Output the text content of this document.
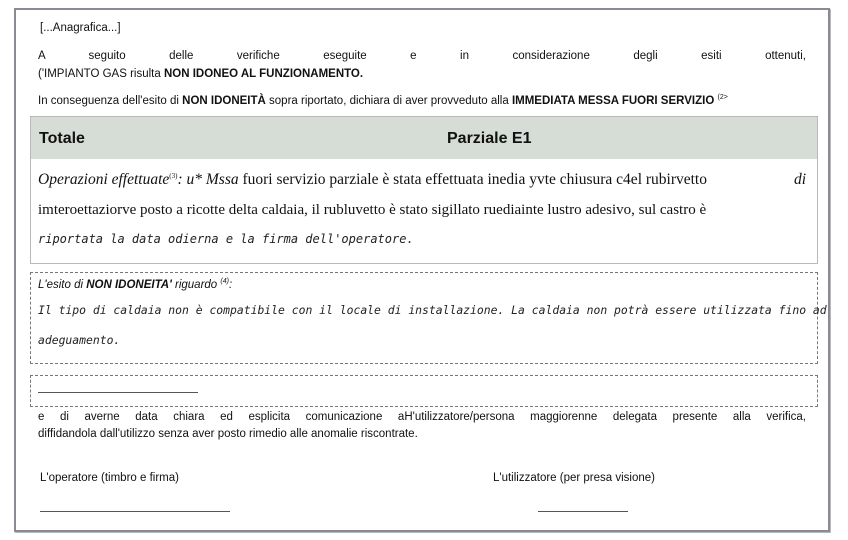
[...Anagrafica...]
A seguito delle verifiche eseguite e in considerazione degli esiti ottenuti,
('IMPIANTO GAS risulta NON IDONEO AL FUNZIONAMENTO.
In conseguenza dell'esito di NON IDONEITÀ sopra riportato, dichiara di aver provveduto alla IMMEDIATA MESSA FUORI SERVIZIO $^{(2>}$
Totale	Parziale E1
Operazioni effettuate$^{(3)}$: u* Mssa fuori servizio parziale è stata effettuata inedia yvte chiusura c4el rubirvetto	di
imteroettaziorve posto a ricotte delta caldaia, il rubluvetto è stato sigillato ruediainte lustro adesivo, sul castro è
riportata la data odierna e la firma dell'operatore.
L'esito di NON IDONEITA' riguardo $^{(4)}$:
Il tipo di caldaia non è compatibile con il locale di installazione. La caldaia non potrà essere utilizzata fino ad
adeguamento.
e di averne data chiara ed esplicita comunicazione aH'utilizzatore/persona maggiorenne delegata presente alla verifica,
diffidandola dall'utilizzo senza aver posto rimedio alle anomalie riscontrate.
L'operatore (timbro e firma)	L'utilizzatore (per presa visione)
